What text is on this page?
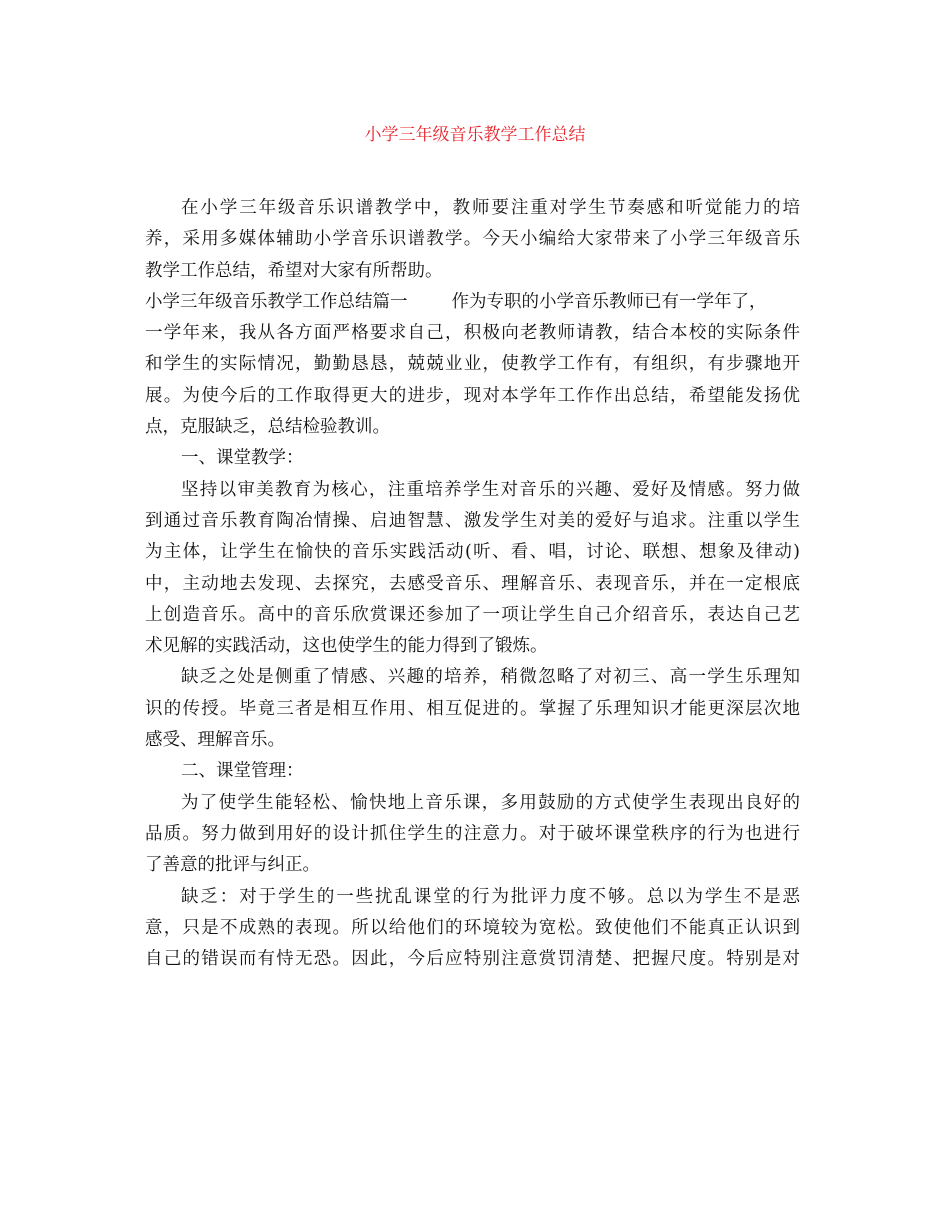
小学三年级音乐教学工作总结
在小学三年级音乐识谱教学中，教师要注重对学生节奏感和听觉能力的培
养，采用多媒体辅助小学音乐识谱教学。今天小编给大家带来了小学三年级音乐
教学工作总结，希望对大家有所帮助。
小学三年级音乐教学工作总结篇一	作为专职的小学音乐教师已有一学年了，
一学年来，我从各方面严格要求自己，积极向老教师请教，结合本校的实际条件
和学生的实际情况，勤勤恳恳，兢兢业业，使教学工作有，有组织，有步骤地开
展。为使今后的工作取得更大的进步，现对本学年工作作出总结，希望能发扬优
点，克服缺乏，总结检验教训。
一、课堂教学：
坚持以审美教育为核心，注重培养学生对音乐的兴趣、爱好及情感。努力做
到通过音乐教育陶冶情操、启迪智慧、激发学生对美的爱好与追求。注重以学生
为主体，让学生在愉快的音乐实践活动(听、看、唱，讨论、联想、想象及律动)
中，主动地去发现、去探究，去感受音乐、理解音乐、表现音乐，并在一定根底
上创造音乐。高中的音乐欣赏课还参加了一项让学生自己介绍音乐，表达自己艺
术见解的实践活动，这也使学生的能力得到了锻炼。
缺乏之处是侧重了情感、兴趣的培养，稍微忽略了对初三、高一学生乐理知
识的传授。毕竟三者是相互作用、相互促进的。掌握了乐理知识才能更深层次地
感受、理解音乐。
二、课堂管理：
为了使学生能轻松、愉快地上音乐课，多用鼓励的方式使学生表现出良好的
品质。努力做到用好的设计抓住学生的注意力。对于破坏课堂秩序的行为也进行
了善意的批评与纠正。
缺乏：对于学生的一些扰乱课堂的行为批评力度不够。总以为学生不是恶
意，只是不成熟的表现。所以给他们的环境较为宽松。致使他们不能真正认识到
自己的错误而有恃无恐。因此，今后应特别注意赏罚清楚、把握尺度。特别是对
